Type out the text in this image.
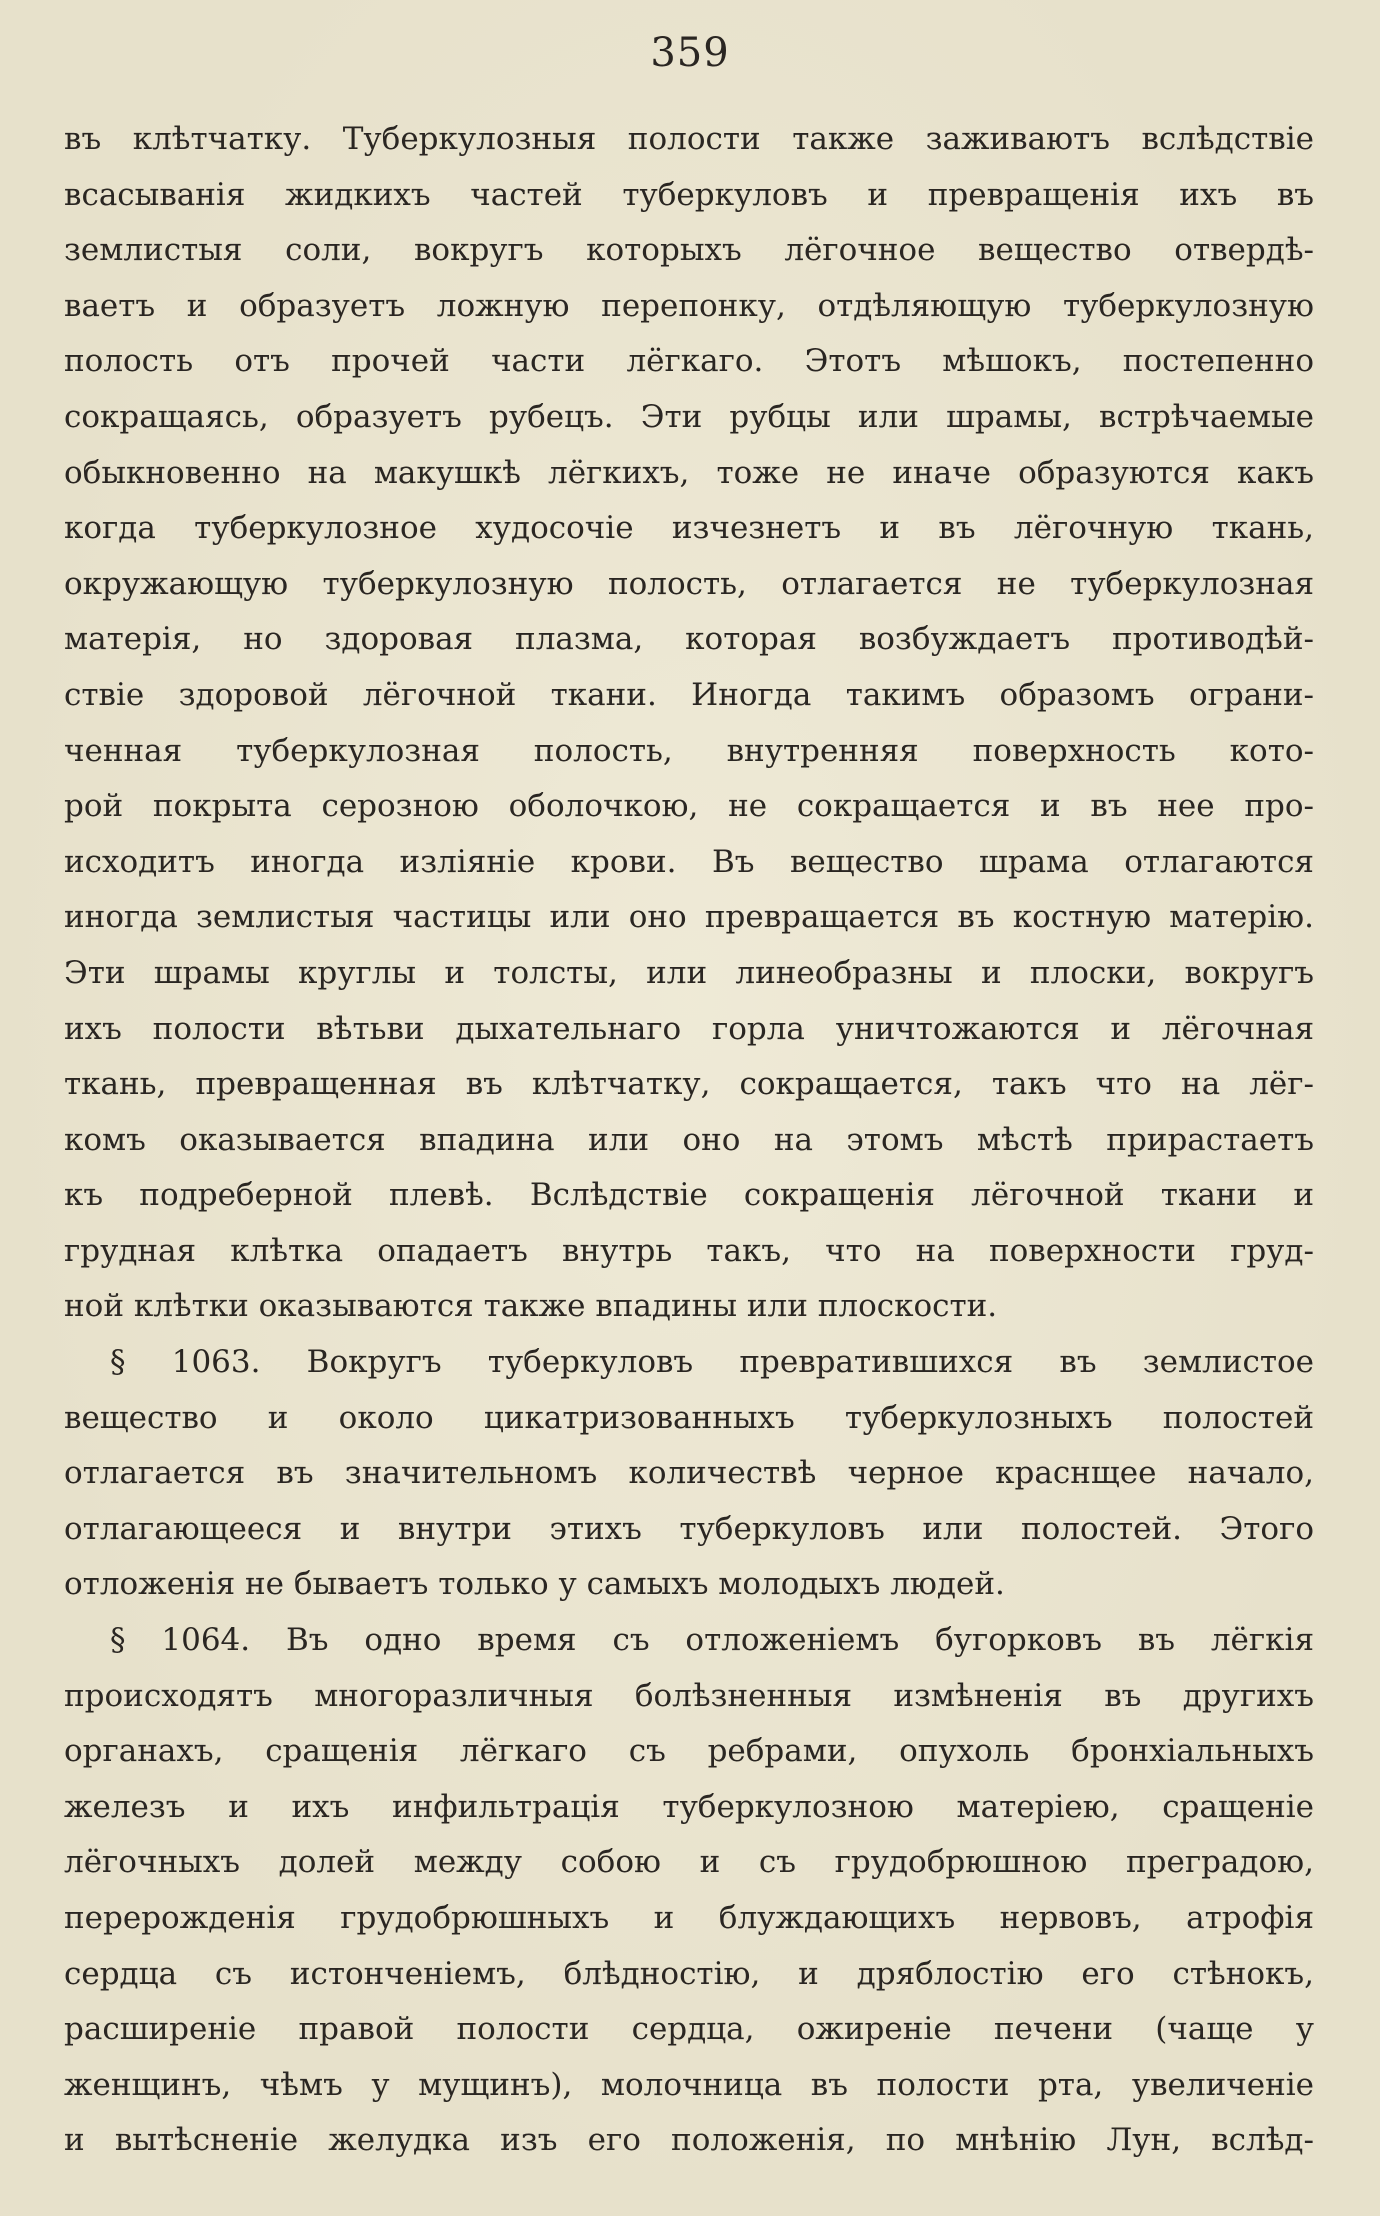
359
въ клѣтчатку. Туберкулозныя полости также заживаютъ вслѣдствіе
всасыванія жидкихъ частей туберкуловъ и превращенія ихъ въ
землистыя соли, вокругъ которыхъ лёгочное вещество отвердѣ-
ваетъ и образуетъ ложную перепонку, отдѣляющую туберкулозную
полость отъ прочей части лёгкаго. Этотъ мѣшокъ, постепенно
сокращаясь, образуетъ рубецъ. Эти рубцы или шрамы, встрѣчаемые
обыкновенно на макушкѣ лёгкихъ, тоже не иначе образуются какъ
когда туберкулозное худосочіе изчезнетъ и въ лёгочную ткань,
окружающую туберкулозную полость, отлагается не туберкулозная
матерія, но здоровая плазма, которая возбуждаетъ противодѣй-
ствіе здоровой лёгочной ткани. Иногда такимъ образомъ ограни-
ченная туберкулозная полость, внутренняя поверхность кото-
рой покрыта серозною оболочкою, не сокращается и въ нее про-
исходитъ иногда изліяніе крови. Въ вещество шрама отлагаются
иногда землистыя частицы или оно превращается въ костную матерію.
Эти шрамы круглы и толсты, или линеобразны и плоски, вокругъ
ихъ полости вѣтьви дыхательнаго горла уничтожаются и лёгочная
ткань, превращенная въ клѣтчатку, сокращается, такъ что на лёг-
комъ оказывается впадина или оно на этомъ мѣстѣ прирастаетъ
къ подреберной плевѣ. Вслѣдствіе сокращенія лёгочной ткани и
грудная клѣтка опадаетъ внутрь такъ, что на поверхности груд-
ной клѣтки оказываются также впадины или плоскости.
§ 1063. Вокругъ туберкуловъ превратившихся въ землистое
вещество и около цикатризованныхъ туберкулозныхъ полостей
отлагается въ значительномъ количествѣ черное краснщее начало,
отлагающееся и внутри этихъ туберкуловъ или полостей. Этого
отложенія не бываетъ только у самыхъ молодыхъ людей.
§ 1064. Въ одно время съ отложеніемъ бугорковъ въ лёгкія
происходятъ многоразличныя болѣзненныя измѣненія въ другихъ
органахъ, сращенія лёгкаго съ ребрами, опухоль бронхіальныхъ
железъ и ихъ инфильтрація туберкулозною матеріею, сращеніе
лёгочныхъ долей между собою и съ грудобрюшною преградою,
перерожденія грудобрюшныхъ и блуждающихъ нервовъ, атрофія
сердца съ истонченіемъ, блѣдностію, и дряблостію его стѣнокъ,
расширеніе правой полости сердца, ожиреніе печени (чаще у
женщинъ, чѣмъ у мущинъ), молочница въ полости рта, увеличеніе
и вытѣсненіе желудка изъ его положенія, по мнѣнію Лун, вслѣд-
